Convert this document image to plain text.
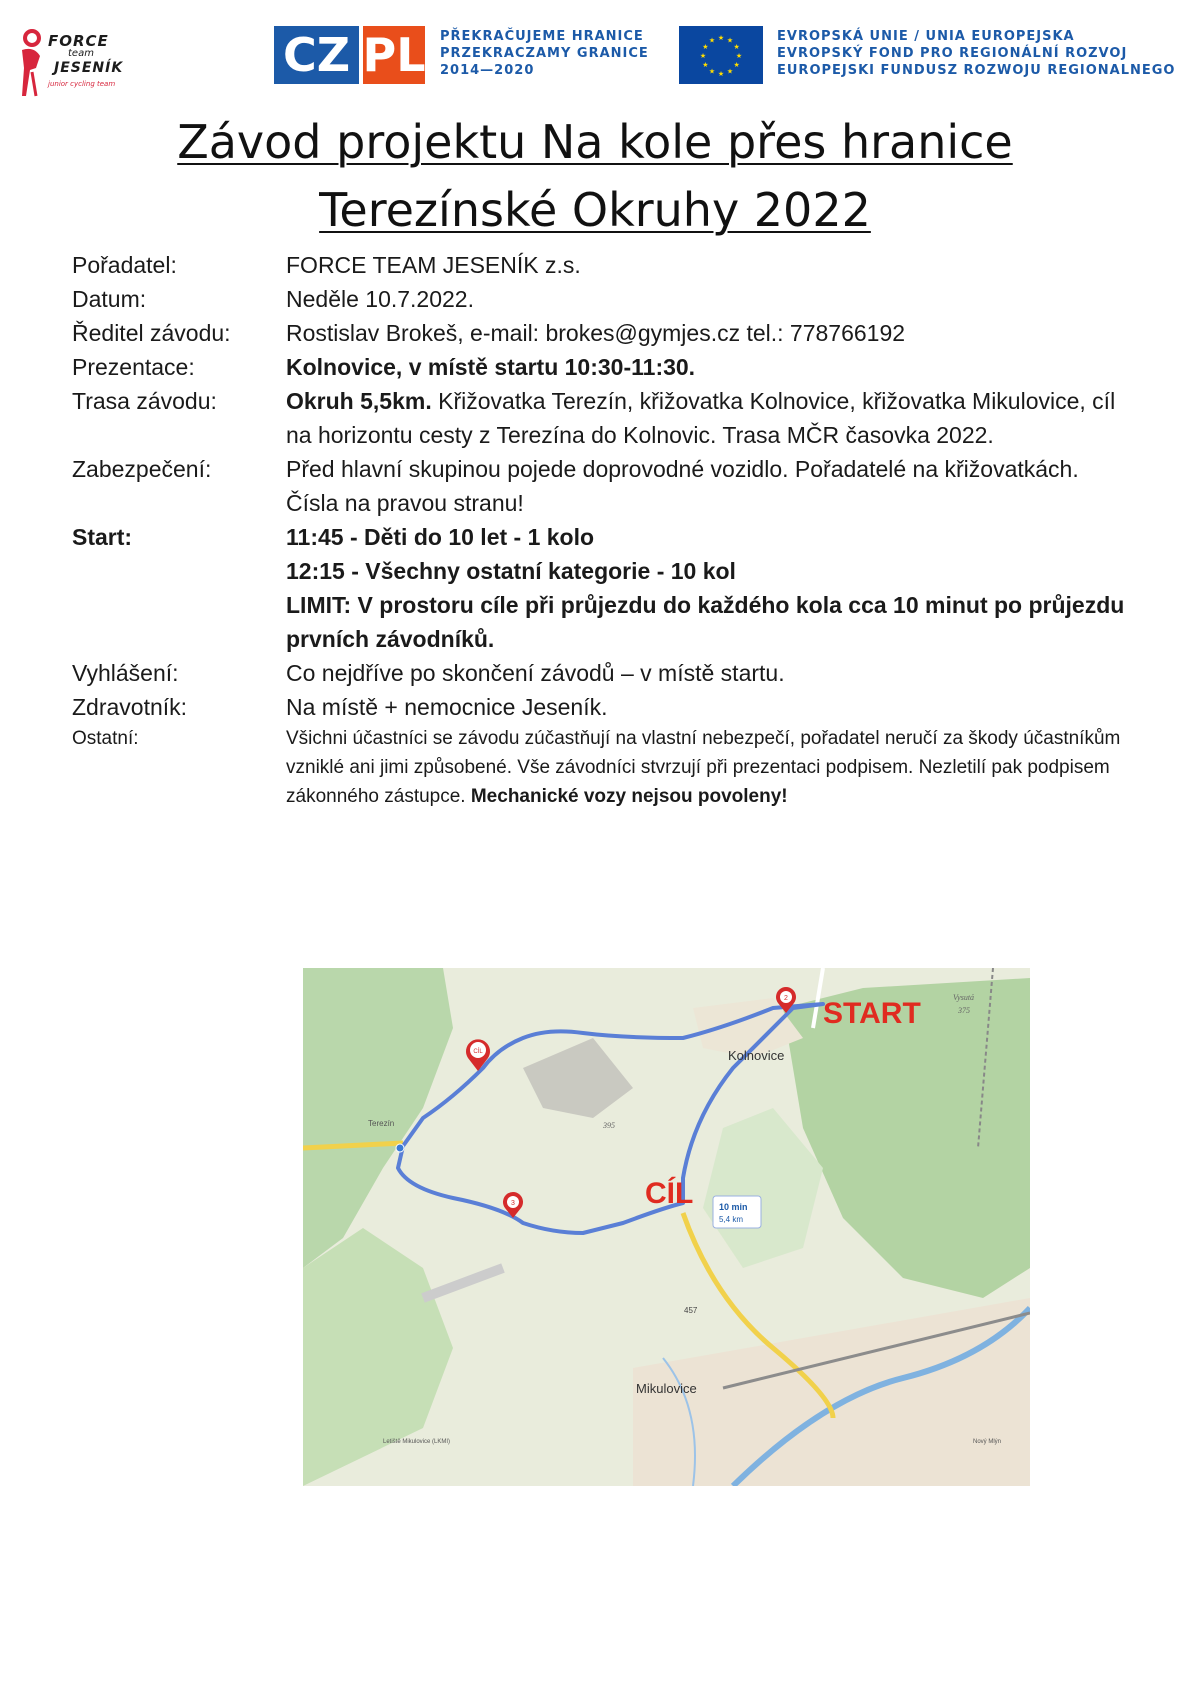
FORCE
team
JESENÍK
junior cycling team
CZ PL PŘEKRAČUJEME HRANICE
PRZEKRACZAMY GRANICE
2014—2020
★
★
★
★
★
★
★
★
★ ★ ★
★
EVROPSKÁ UNIE / UNIA EUROPEJSKA
EVROPSKÝ FOND PRO REGIONÁLNÍ ROZVOJ
EUROPEJSKI FUNDUSZ ROZWOJU REGIONALNEGO
Závod projektu Na kole přes hranice
Terezínské Okruhy 2022
Pořadatel:	FORCE TEAM JESENÍK z.s.
Datum:	Neděle 10.7.2022.
Ředitel závodu:	Rostislav Brokeš, e-mail: brokes@gymjes.cz tel.: 778766192
Prezentace:	Kolnovice, v místě startu 10:30-11:30.
Trasa závodu:	Okruh 5,5km. Křižovatka Terezín, křižovatka Kolnovice, křižovatka Mikulovice, cíl na horizontu cesty z Terezína do Kolnovic. Trasa MČR časovka 2022.
Zabezpečení:	Před hlavní skupinou pojede doprovodné vozidlo. Pořadatelé na křižovatkách.
Čísla na pravou stranu!
Start:	11:45 - Děti do 10 let - 1 kolo
12:15 - Všechny ostatní kategorie - 10 kol
LIMIT: V prostoru cíle při průjezdu do každého kola cca 10 minut po průjezdu prvních závodníků.
Vyhlášení:	Co nejdříve po skončení závodů – v místě startu.
Zdravotník:	Na místě + nemocnice Jeseník.
Ostatní:	Všichni účastníci se závodu zúčastňují na vlastní nebezpečí, pořadatel neručí za škody účastníkům vzniklé ani jimi způsobené. Vše závodníci stvrzují při prezentaci podpisem. Nezletilí pak podpisem zákonného zástupce. Mechanické vozy nejsou povoleny!
START
CÍL
Kolnovice
Terezín
Mikulovice
Vysutá
375
395
457
Letiště Mikulovice (LKMI)	Nový Mlýn
10 min
5,4 km
CÍL
2
3
